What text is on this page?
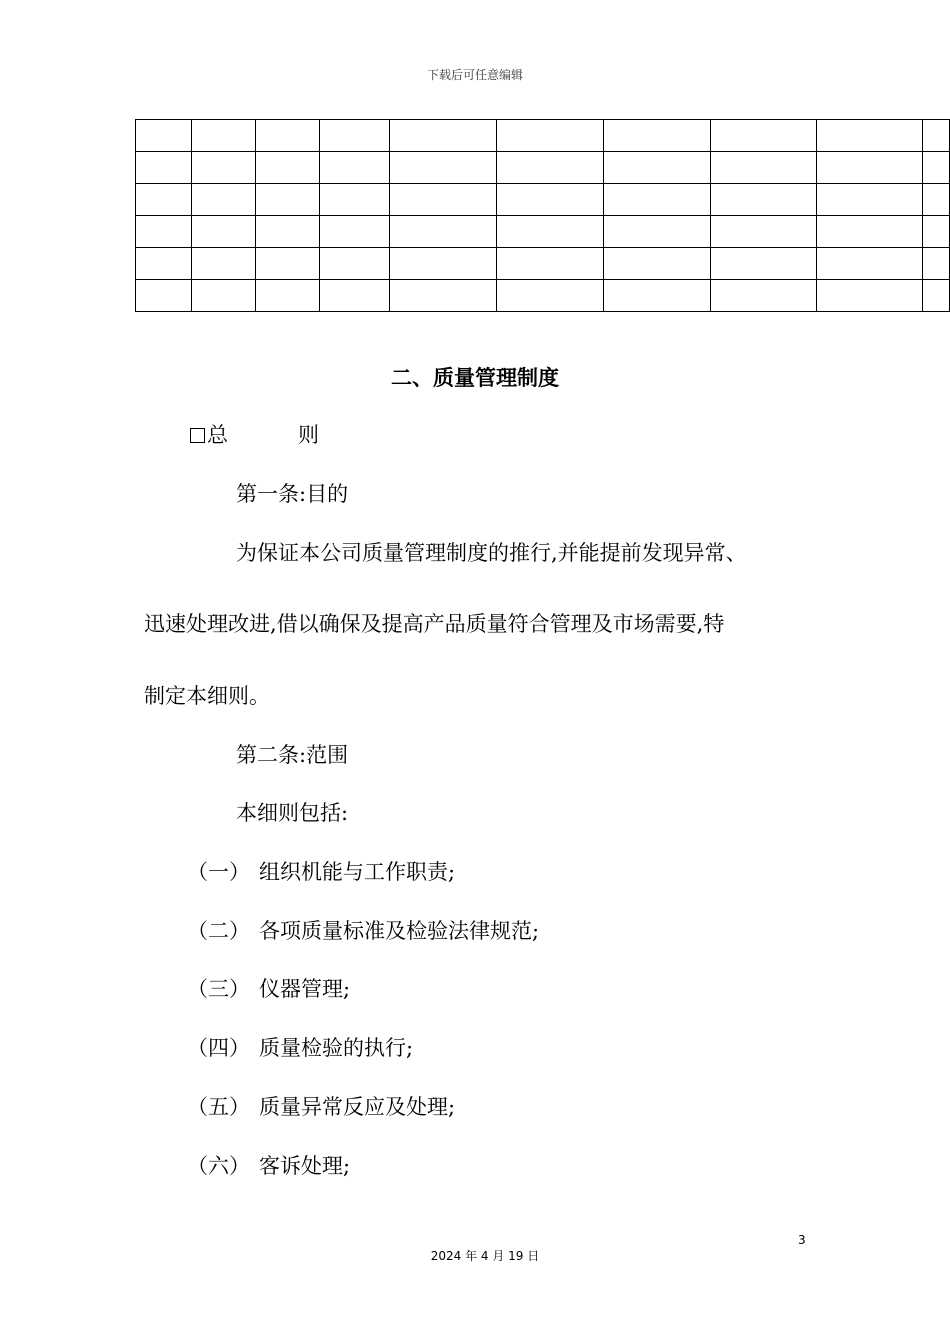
下载后可任意编辑

二、质量管理制度
总	则
第一条:目的
为保证本公司质量管理制度的推行,并能提前发现异常、
迅速处理改进,借以确保及提高产品质量符合管理及市场需要,特
制定本细则。
第二条:范围
本细则包括:
（一） 组织机能与工作职责;
（二） 各项质量标准及检验法律规范;
（三） 仪器管理;
（四） 质量检验的执行;
（五） 质量异常反应及处理;
（六） 客诉处理;
3
2024 年 4 月 19 日
